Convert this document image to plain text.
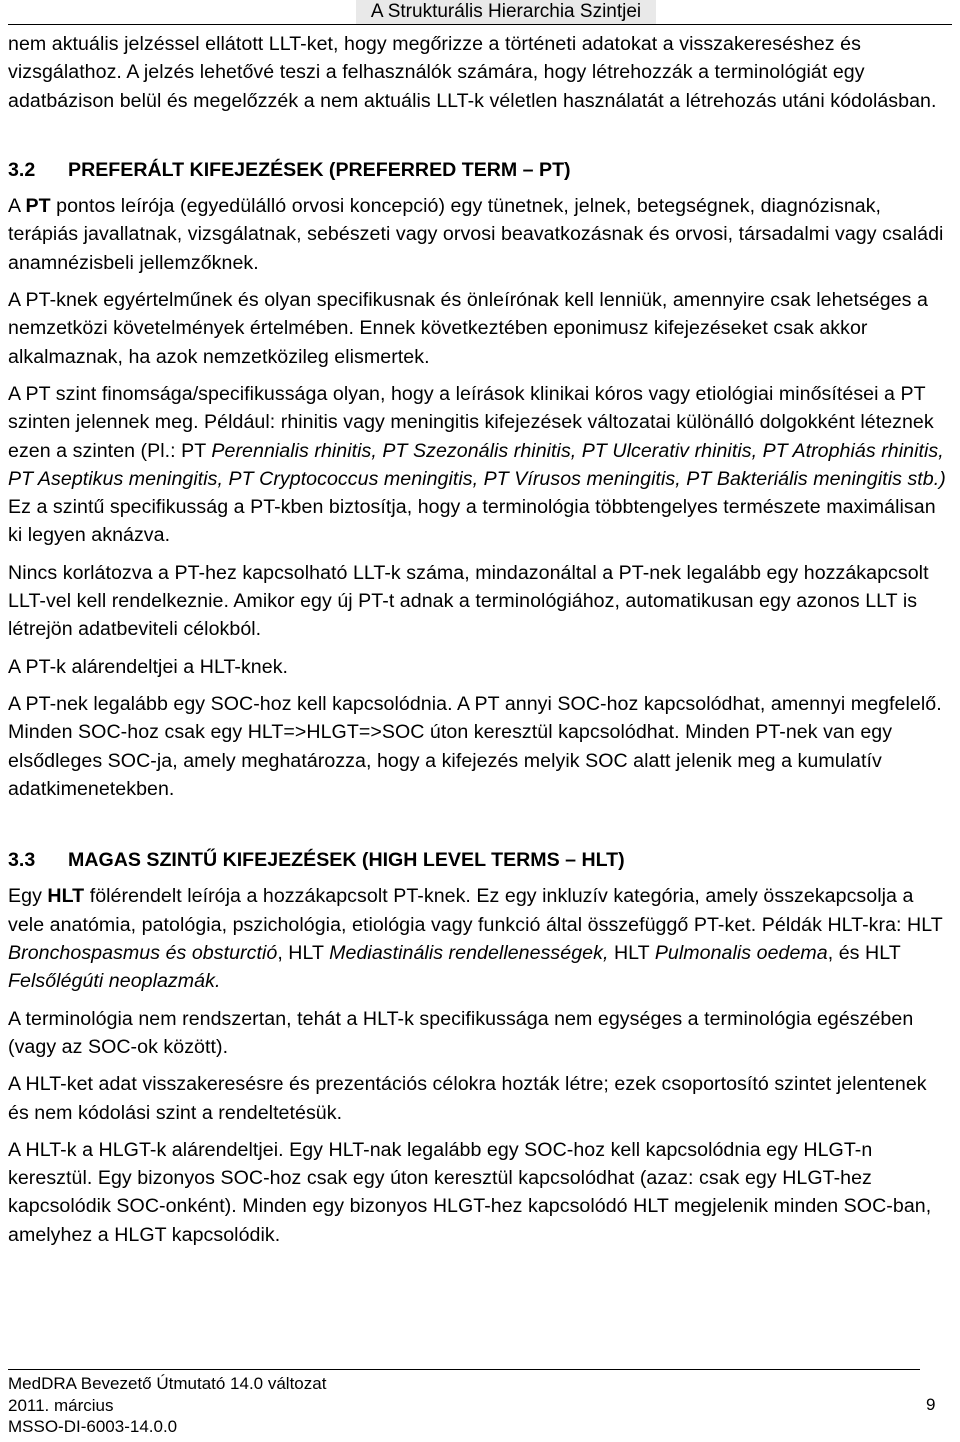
A Strukturális Hierarchia Szintjei

nem aktuális jelzéssel ellátott LLT-ket, hogy megőrizze a történeti adatokat a visszakereséshez és vizsgálathoz. A jelzés lehetővé teszi a felhasználók számára, hogy létrehozzák a terminológiát egy adatbázison belül és megelőzzék a nem aktuális LLT-k véletlen használatát a létrehozás utáni kódolásban.

3.2 PREFERÁLT KIFEJEZÉSEK (PREFERRED TERM – PT)

A PT pontos leírója (egyedülálló orvosi koncepció) egy tünetnek, jelnek, betegségnek, diagnózisnak, terápiás javallatnak, vizsgálatnak, sebészeti vagy orvosi beavatkozásnak és orvosi, társadalmi vagy családi anamnézisbeli jellemzőknek.

A PT-knek egyértelműnek és olyan specifikusnak és önleírónak kell lenniük, amennyire csak lehetséges a nemzetközi követelmények értelmében. Ennek következtében eponimusz kifejezéseket csak akkor alkalmaznak, ha azok nemzetközileg elismertek.

A PT szint finomsága/specifikussága olyan, hogy a leírások klinikai kóros vagy etiológiai minősítései a PT szinten jelennek meg. Például: rhinitis vagy meningitis kifejezések változatai különálló dolgokként léteznek ezen a szinten (Pl.: PT Perennialis rhinitis, PT Szezonális rhinitis, PT Ulcerativ rhinitis, PT Atrophiás rhinitis, PT Aseptikus meningitis, PT Cryptococcus meningitis, PT Vírusos meningitis, PT Bakteriális meningitis stb.) Ez a szintű specifikusság a PT-kben biztosítja, hogy a terminológia többtengelyes természete maximálisan ki legyen aknázva.

Nincs korlátozva a PT-hez kapcsolható LLT-k száma, mindazonáltal a PT-nek legalább egy hozzákapcsolt LLT-vel kell rendelkeznie. Amikor egy új PT-t adnak a terminológiához, automatikusan egy azonos LLT is létrejön adatbeviteli célokból.

A PT-k alárendeltjei a HLT-knek.

A PT-nek legalább egy SOC-hoz kell kapcsolódnia. A PT annyi SOC-hoz kapcsolódhat, amennyi megfelelő. Minden SOC-hoz csak egy HLT=>HLGT=>SOC úton keresztül kapcsolódhat. Minden PT-nek van egy elsődleges SOC-ja, amely meghatározza, hogy a kifejezés melyik SOC alatt jelenik meg a kumulatív adatkimenetekben.

3.3 MAGAS SZINTŰ KIFEJEZÉSEK (HIGH LEVEL TERMS – HLT)

Egy HLT fölérendelt leírója a hozzákapcsolt PT-knek. Ez egy inkluzív kategória, amely összekapcsolja a vele anatómia, patológia, pszichológia, etiológia vagy funkció által összefüggő PT-ket. Példák HLT-kra: HLT Bronchospasmus és obsturctió, HLT Mediastinális rendellenességek, HLT Pulmonalis oedema, és HLT Felsőlégúti neoplazmák.

A terminológia nem rendszertan, tehát a HLT-k specifikussága nem egységes a terminológia egészében (vagy az SOC-ok között).

A HLT-ket adat visszakeresésre és prezentációs célokra hozták létre; ezek csoportosító szintet jelentenek és nem kódolási szint a rendeltetésük.

A HLT-k a HLGT-k alárendeltjei. Egy HLT-nak legalább egy SOC-hoz kell kapcsolódnia egy HLGT-n keresztül. Egy bizonyos SOC-hoz csak egy úton keresztül kapcsolódhat (azaz: csak egy HLGT-hez kapcsolódik SOC-onként). Minden egy bizonyos HLGT-hez kapcsolódó HLT megjelenik minden SOC-ban, amelyhez a HLGT kapcsolódik.

MedDRA Bevezető Útmutató 14.0 változat
2011. március
MSSO-DI-6003-14.0.0
9
